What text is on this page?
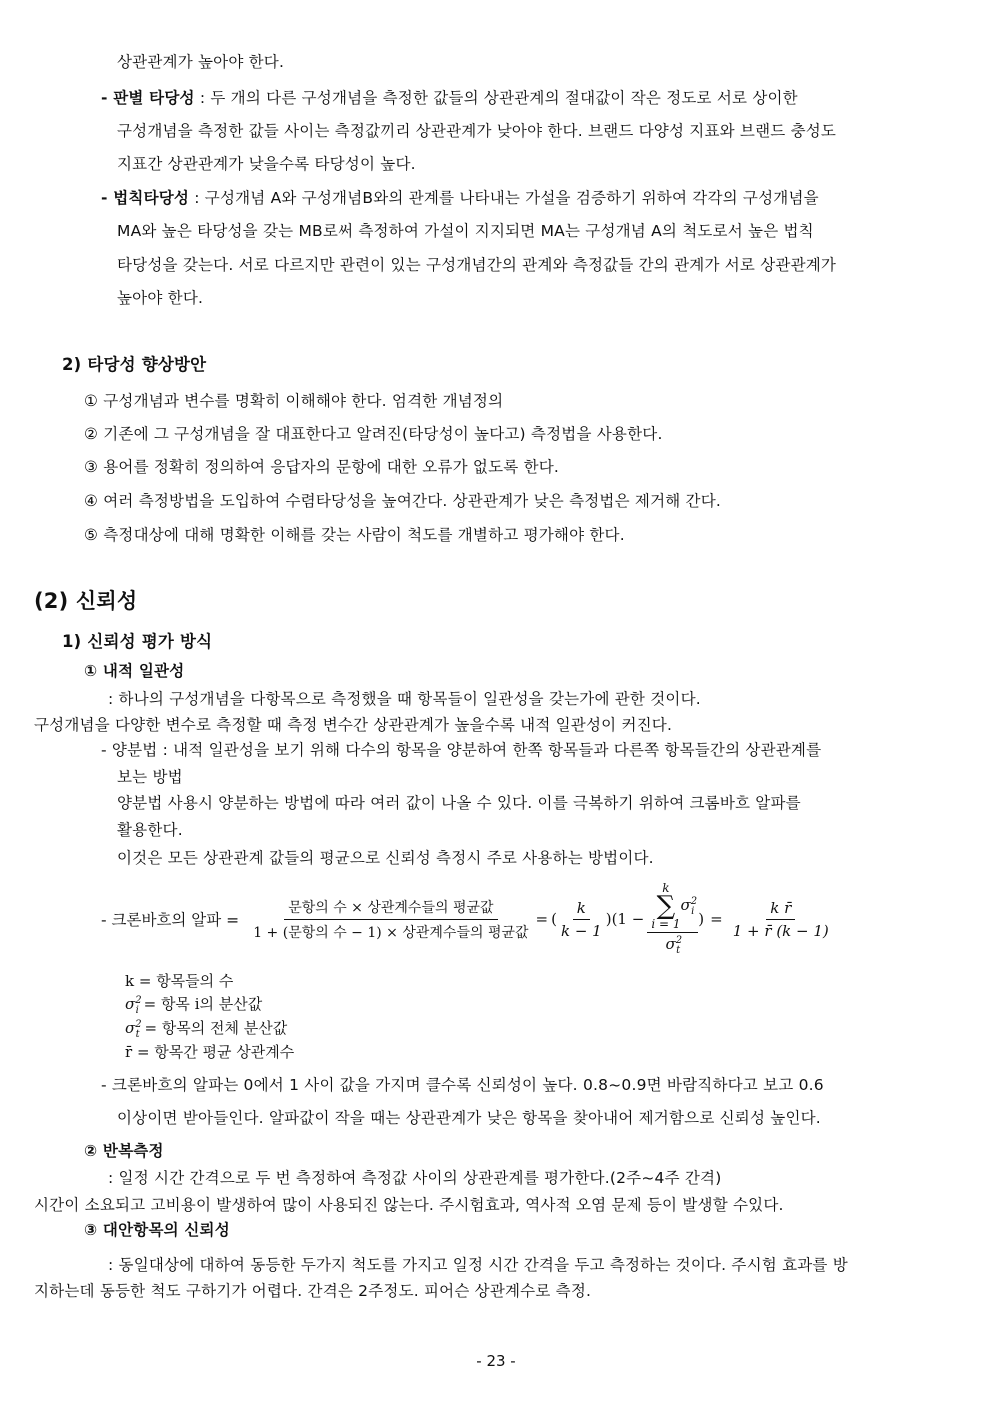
상관관계가 높아야 한다.
- 판별 타당성 : 두 개의 다른 구성개념을 측정한 값들의 상관관계의 절대값이 작은 정도로 서로 상이한
구성개념을 측정한 값들 사이는 측정값끼리 상관관계가 낮아야 한다. 브랜드 다양성 지표와 브랜드 충성도
지표간 상관관계가 낮을수록 타당성이 높다.
- 법칙타당성 : 구성개념 A와 구성개념B와의 관계를 나타내는 가설을 검증하기 위하여 각각의 구성개념을
MA와 높은 타당성을 갖는 MB로써 측정하여 가설이 지지되면 MA는 구성개념 A의 척도로서 높은 법칙
타당성을 갖는다. 서로 다르지만 관련이 있는 구성개념간의 관계와 측정값들 간의 관계가 서로 상관관계가
높아야 한다.
2) 타당성 향상방안
① 구성개념과 변수를 명확히 이해해야 한다. 엄격한 개념정의
② 기존에 그 구성개념을 잘 대표한다고 알려진(타당성이 높다고) 측정법을 사용한다.
③ 용어를 정확히 정의하여 응답자의 문항에 대한 오류가 없도록 한다.
④ 여러 측정방법을 도입하여 수렴타당성을 높여간다. 상관관계가 낮은 측정법은 제거해 간다.
⑤ 측정대상에 대해 명확한 이해를 갖는 사람이 척도를 개별하고 평가해야 한다.
(2) 신뢰성
1) 신뢰성 평가 방식
① 내적 일관성
: 하나의 구성개념을 다항목으로 측정했을 때 항목들이 일관성을 갖는가에 관한 것이다.
구성개념을 다양한 변수로 측정할 때 측정 변수간 상관관계가 높을수록 내적 일관성이 커진다.
- 양분법 : 내적 일관성을 보기 위해 다수의 항목을 양분하여 한쪽 항목들과 다른쪽 항목들간의 상관관계를
보는 방법
양분법 사용시 양분하는 방법에 따라 여러 값이 나올 수 있다. 이를 극복하기 위하여 크롬바흐 알파를
활용한다.
이것은 모든 상관관계 값들의 평균으로 신뢰성 측정시 주로 사용하는 방법이다.
- 크론바흐의 알파 = $\frac{\text{문항의 수 × 상관계수들의 평균값}}{\text{1 + (문항의 수 − 1) × 상관계수들의 평균값}}$ = ( $\frac{k}{k - 1}$ ) (1 − k
∑
i = 1
$\sigma^2_i$
$\sigma^2_t$ ) = $\frac{\text{k r̄}}{1 + r̄ (k - 1)}$
k = 항목들의 수
$\sigma^2_i$ = 항목 i의 분산값
$\sigma^2_t$ = 항목의 전체 분산값
r̄ = 항목간 평균 상관계수
- 크론바흐의 알파는 0에서 1 사이 값을 가지며 클수록 신뢰성이 높다. 0.8~0.9면 바람직하다고 보고 0.6
이상이면 받아들인다. 알파값이 작을 때는 상관관계가 낮은 항목을 찾아내어 제거함으로 신뢰성 높인다.
② 반복측정
: 일정 시간 간격으로 두 번 측정하여 측정값 사이의 상관관계를 평가한다.(2주~4주 간격)
시간이 소요되고 고비용이 발생하여 많이 사용되진 않는다. 주시험효과, 역사적 오염 문제 등이 발생할 수있다.
③ 대안항목의 신뢰성
: 동일대상에 대하여 동등한 두가지 척도를 가지고 일정 시간 간격을 두고 측정하는 것이다. 주시험 효과를 방
지하는데 동등한 척도 구하기가 어렵다. 간격은 2주정도. 피어슨 상관계수로 측정.
- 23 -
